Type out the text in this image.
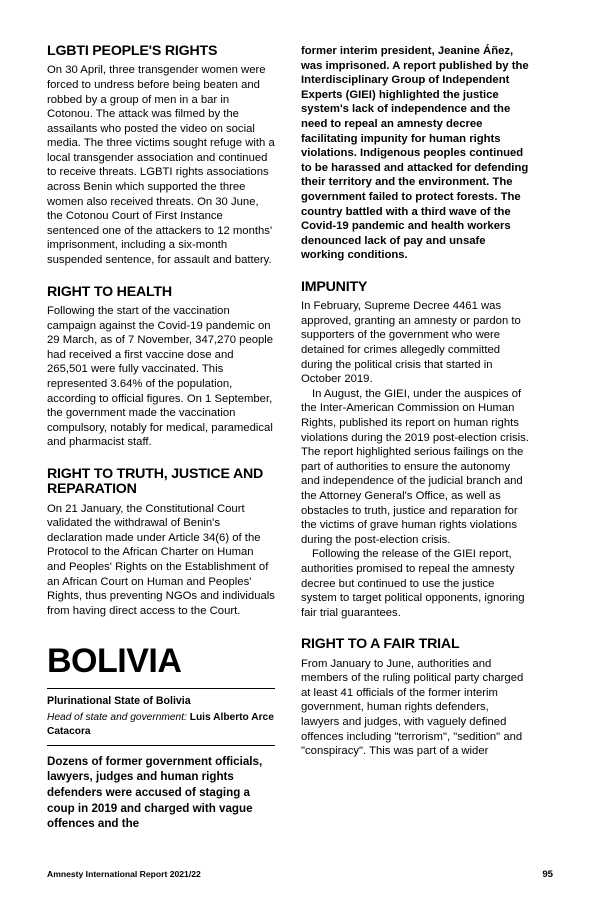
LGBTI PEOPLE'S RIGHTS

On 30 April, three transgender women were forced to undress before being beaten and robbed by a group of men in a bar in Cotonou. The attack was filmed by the assailants who posted the video on social media. The three victims sought refuge with a local transgender association and continued to receive threats. LGBTI rights associations across Benin which supported the three women also received threats. On 30 June, the Cotonou Court of First Instance sentenced one of the attackers to 12 months' imprisonment, including a six-month suspended sentence, for assault and battery.

RIGHT TO HEALTH

Following the start of the vaccination campaign against the Covid-19 pandemic on 29 March, as of 7 November, 347,270 people had received a first vaccine dose and 265,501 were fully vaccinated. This represented 3.64% of the population, according to official figures. On 1 September, the government made the vaccination compulsory, notably for medical, paramedical and pharmacist staff.

RIGHT TO TRUTH, JUSTICE AND REPARATION

On 21 January, the Constitutional Court validated the withdrawal of Benin's declaration made under Article 34(6) of the Protocol to the African Charter on Human and Peoples' Rights on the Establishment of an African Court on Human and Peoples' Rights, thus preventing NGOs and individuals from having direct access to the Court.

BOLIVIA

Plurinational State of Bolivia

Head of state and government: Luis Alberto Arce Catacora

Dozens of former government officials, lawyers, judges and human rights defenders were accused of staging a coup in 2019 and charged with vague offences and the

former interim president, Jeanine Áñez, was imprisoned. A report published by the Interdisciplinary Group of Independent Experts (GIEI) highlighted the justice system's lack of independence and the need to repeal an amnesty decree facilitating impunity for human rights violations. Indigenous peoples continued to be harassed and attacked for defending their territory and the environment. The government failed to protect forests. The country battled with a third wave of the Covid-19 pandemic and health workers denounced lack of pay and unsafe working conditions.

IMPUNITY

In February, Supreme Decree 4461 was approved, granting an amnesty or pardon to supporters of the government who were detained for crimes allegedly committed during the political crisis that started in October 2019.

In August, the GIEI, under the auspices of the Inter-American Commission on Human Rights, published its report on human rights violations during the 2019 post-election crisis. The report highlighted serious failings on the part of authorities to ensure the autonomy and independence of the judicial branch and the Attorney General's Office, as well as obstacles to truth, justice and reparation for the victims of grave human rights violations during the post-election crisis.

Following the release of the GIEI report, authorities promised to repeal the amnesty decree but continued to use the justice system to target political opponents, ignoring fair trial guarantees.

RIGHT TO A FAIR TRIAL

From January to June, authorities and members of the ruling political party charged at least 41 officials of the former interim government, human rights defenders, lawyers and judges, with vaguely defined offences including "terrorism", "sedition" and "conspiracy". This was part of a wider

Amnesty International Report 2021/22	95
